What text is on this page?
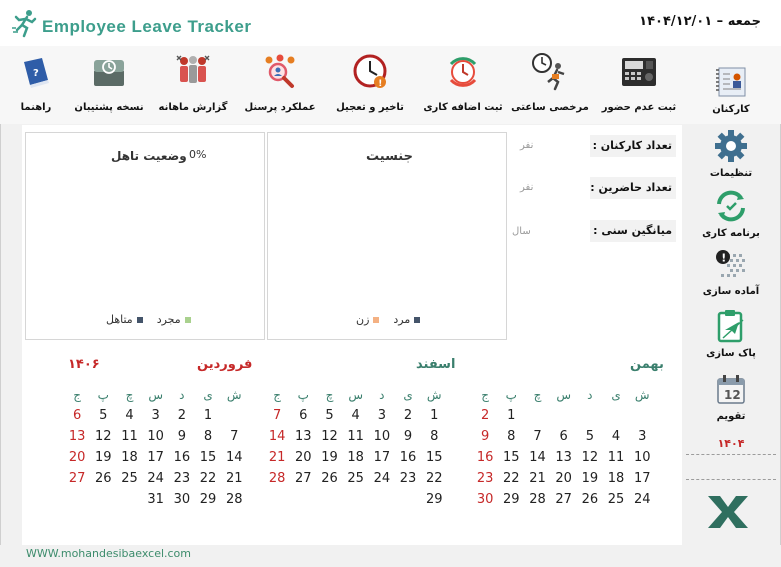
Employee Leave Tracker	جمعه – ۱۴۰۴/۱۲/۰۱
?
راهنما نسخه پشتیبان گزارش ماهانه عملکرد پرسنل
!
تاخیر و تعجیل ثبت اضافه کاری مرخصی ساعتی ثبت عدم حضور	کارکنان
تنظیمات
برنامه کاری
!
آماده سازی
پاک سازی
12
تقویم
۱۴۰۴
وضعیت تاهل 0%
مجرد
متاهل
جنسیت
مرد
زن
تعداد کارکنان :
نفر
تعداد حاضرین :
نفر
میانگین سنی :
سال
فروردین
۱۴۰۶
ج	پ	چ	س	د	ی	ش
6	5	4	3	2	1	
13	12	11	10	9	8	7
20	19	18	17	16	15	14
27	26	25	24	23	22	21
			31	30	29	28
اسفند
ج	پ	چ	س	د	ی	ش
7	6	5	4	3	2	1
14	13	12	11	10	9	8
21	20	19	18	17	16	15
28	27	26	25	24	23	22
						29
بهمن
ج	پ	چ	س	د	ی	ش
2	1					
9	8	7	6	5	4	3
16	15	14	13	12	11	10
23	22	21	20	19	18	17
30	29	28	27	26	25	24
WWW.mohandesibaexcel.com
